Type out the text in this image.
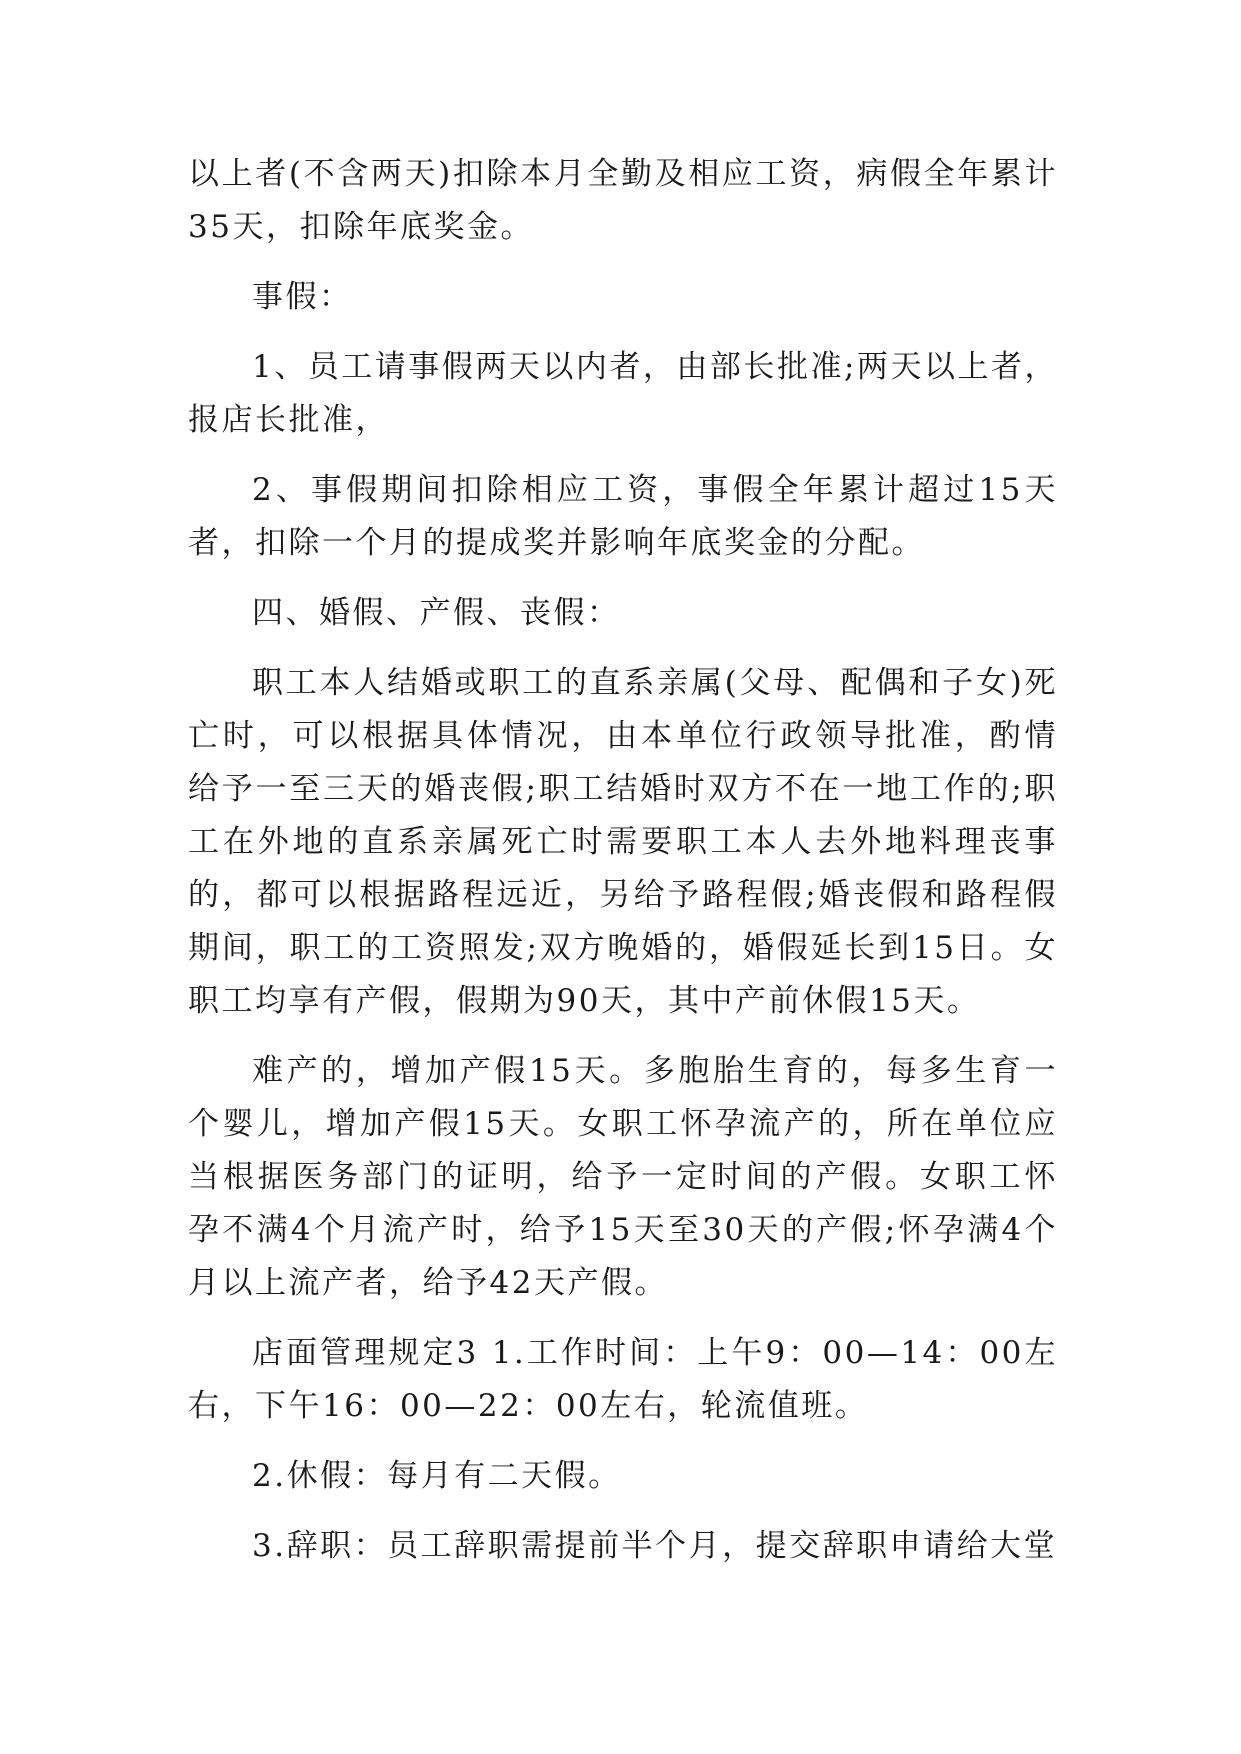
以上者(不含两天)扣除本月全勤及相应工资，病假全年累计35天，扣除年底奖金。

事假：

1、员工请事假两天以内者，由部长批准;两天以上者，报店长批准，

2、事假期间扣除相应工资，事假全年累计超过15天者，扣除一个月的提成奖并影响年底奖金的分配。

四、婚假、产假、丧假：

职工本人结婚或职工的直系亲属(父母、配偶和子女)死亡时，可以根据具体情况，由本单位行政领导批准，酌情给予一至三天的婚丧假;职工结婚时双方不在一地工作的;职工在外地的直系亲属死亡时需要职工本人去外地料理丧事的，都可以根据路程远近，另给予路程假;婚丧假和路程假期间，职工的工资照发;双方晚婚的，婚假延长到15日。女职工均享有产假，假期为90天，其中产前休假15天。

难产的，增加产假15天。多胞胎生育的，每多生育一个婴儿，增加产假15天。女职工怀孕流产的，所在单位应当根据医务部门的证明，给予一定时间的产假。女职工怀孕不满4个月流产时，给予15天至30天的产假;怀孕满4个月以上流产者，给予42天产假。

店面管理规定3 1.工作时间：上午9：00—14：00左右，下午16：00—22：00左右，轮流值班。

2.休假：每月有二天假。

3.辞职：员工辞职需提前半个月，提交辞职申请给大堂
